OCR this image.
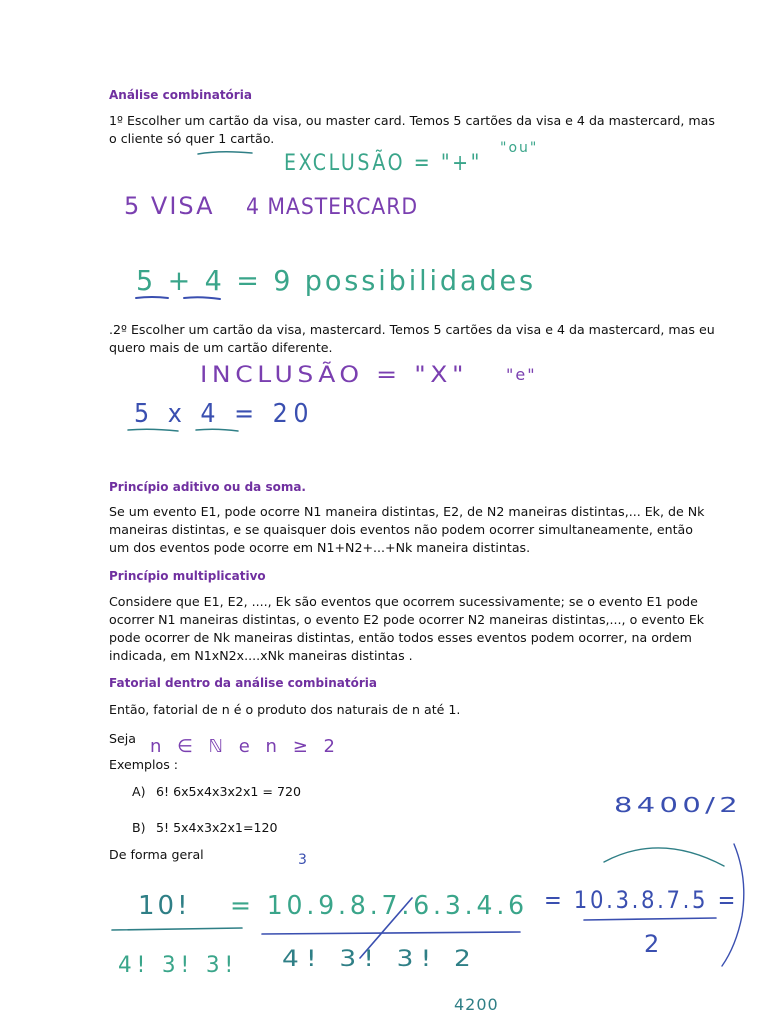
Análise combinatória
1º Escolher um cartão da visa, ou master card. Temos 5 cartões da visa e 4 da mastercard, mas
o cliente só quer 1 cartão.
.2º Escolher um cartão da visa, mastercard. Temos 5 cartões da visa e 4 da mastercard, mas eu
quero mais de um cartão diferente.
Princípio aditivo ou da soma.
Se um evento E1, pode ocorre N1 maneira distintas, E2, de N2 maneiras distintas,... Ek, de Nk
maneiras distintas, e se quaisquer dois eventos não podem ocorrer simultaneamente, então
um dos eventos pode ocorre em N1+N2+...+Nk maneira distintas.
Princípio multiplicativo
Considere que E1, E2, ...., Ek são eventos que ocorrem sucessivamente; se o evento E1 pode
ocorrer N1 maneiras distintas, o evento E2 pode ocorrer N2 maneiras distintas,..., o evento Ek
pode ocorrer de Nk maneiras distintas, então todos esses eventos podem ocorrer, na ordem
indicada, em N1xN2x....xNk maneiras distintas .
Fatorial dentro da análise combinatória
Então, fatorial de n é o produto dos naturais de n até 1.
Seja
Exemplos :
A) 6! 6x5x4x3x2x1 = 720
B) 5! 5x4x3x2x1=120
De forma geral
EXCLUSÃO = "+"
"ou"
5 VISA 4 MASTERCARD
5 + 4 = 9 possibilidades
INCLUSÃO = "X"	"e"
5 x 4 = 20
n ∈ ℕ e n ≥ 2
8400/2
10!
4! 3! 3!
3
= 10.9.8.7.6.3.4.6
4! 3! 3! 2
4200
= 10.3.8.7.5 =
2
